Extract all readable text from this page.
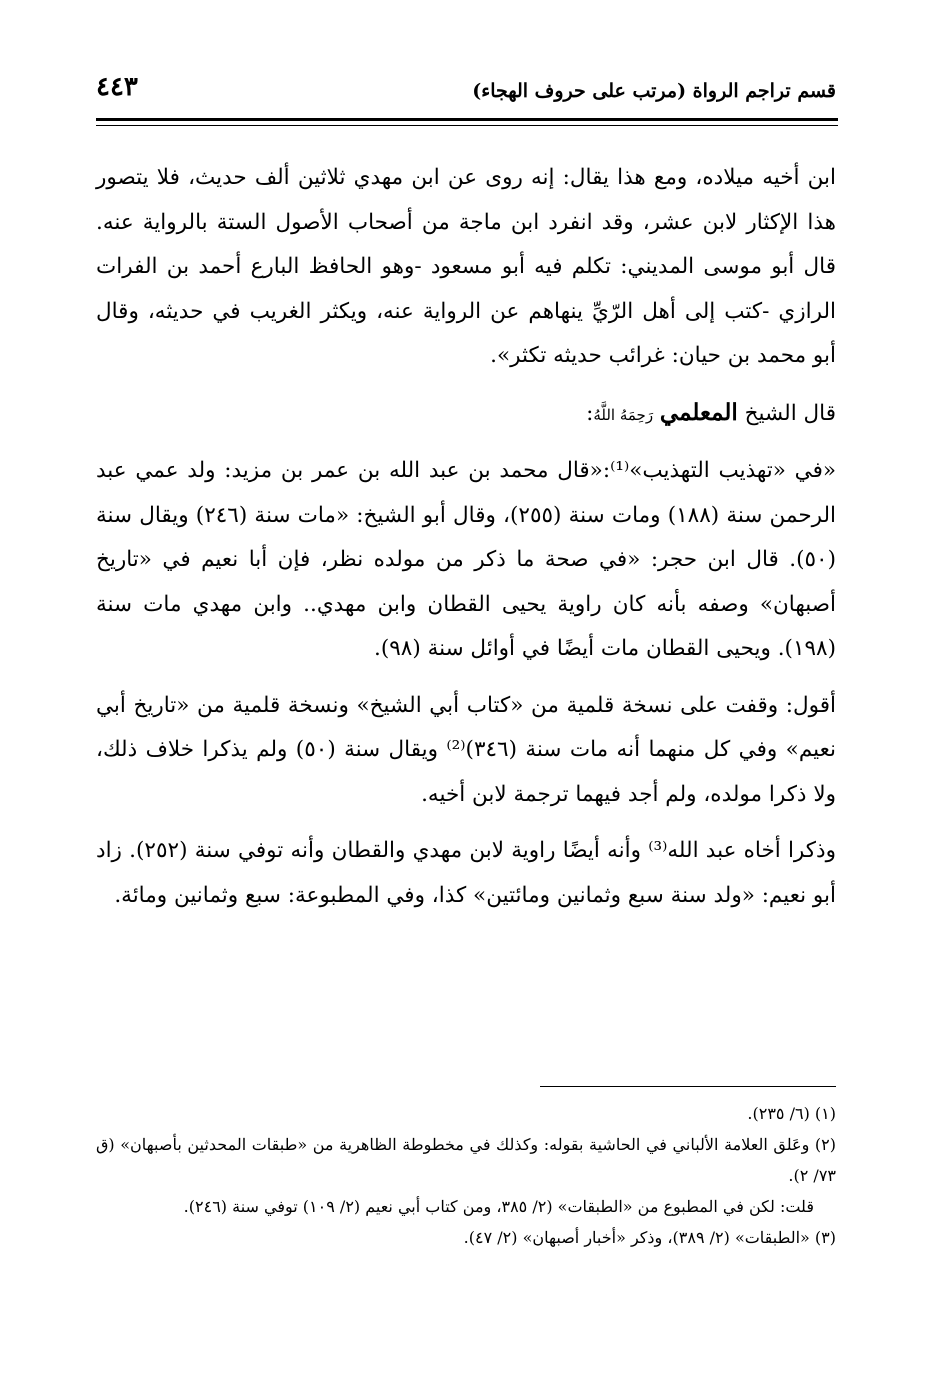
قسم تراجم الرواة (مرتب على حروف الهجاء)
٤٤٣

ابن أخيه ميلاده، ومع هذا يقال: إنه روى عن ابن مهدي ثلاثين ألف حديث، فلا يتصور هذا الإكثار لابن عشر، وقد انفرد ابن ماجة من أصحاب الأصول الستة بالرواية عنه. قال أبو موسى المديني: تكلم فيه أبو مسعود -وهو الحافظ البارع أحمد بن الفرات الرازي -كتب إلى أهل الرّيِّ ينهاهم عن الرواية عنه، ويكثر الغريب في حديثه، وقال أبو محمد بن حيان: غرائب حديثه تكثر».

قال الشيخ المعلمي رَحِمَهُ اللَّهُ:

«في «تهذيب التهذيب»⁽¹⁾:«قال محمد بن عبد الله بن عمر بن مزيد: ولد عمي عبد الرحمن سنة (١٨٨) ومات سنة (٢٥٥)، وقال أبو الشيخ: «مات سنة (٢٤٦) ويقال سنة (٥٠). قال ابن حجر: «في صحة ما ذكر من مولده نظر، فإن أبا نعيم في «تاريخ أصبهان» وصفه بأنه كان راوية يحيى القطان وابن مهدي.. وابن مهدي مات سنة (١٩٨). ويحيى القطان مات أيضًا في أوائل سنة (٩٨).

أقول: وقفت على نسخة قلمية من «كتاب أبي الشيخ» ونسخة قلمية من «تاريخ أبي نعيم» وفي كل منهما أنه مات سنة (٣٤٦)⁽²⁾ ويقال سنة (٥٠) ولم يذكرا خلاف ذلك، ولا ذكرا مولده، ولم أجد فيهما ترجمة لابن أخيه.

وذكرا أخاه عبد الله⁽³⁾ وأنه أيضًا راوية لابن مهدي والقطان وأنه توفي سنة (٢٥٢). زاد أبو نعيم: «ولد سنة سبع وثمانين ومائتين» كذا، وفي المطبوعة: سبع وثمانين ومائة.

(١) (٦/ ٢٣٥).

(٢) وعَلق العلامة الألباني في الحاشية بقوله: وكذلك في مخطوطة الظاهرية من «طبقات المحدثين بأصبهان» (ق ٧٣/ ٢).

قلت: لكن في المطبوع من «الطبقات» (٢/ ٣٨٥، ومن كتاب أبي نعيم (٢/ ١٠٩) توفي سنة (٢٤٦).

(٣) «الطبقات» (٢/ ٣٨٩)، وذكر «أخبار أصبهان» (٢/ ٤٧).
